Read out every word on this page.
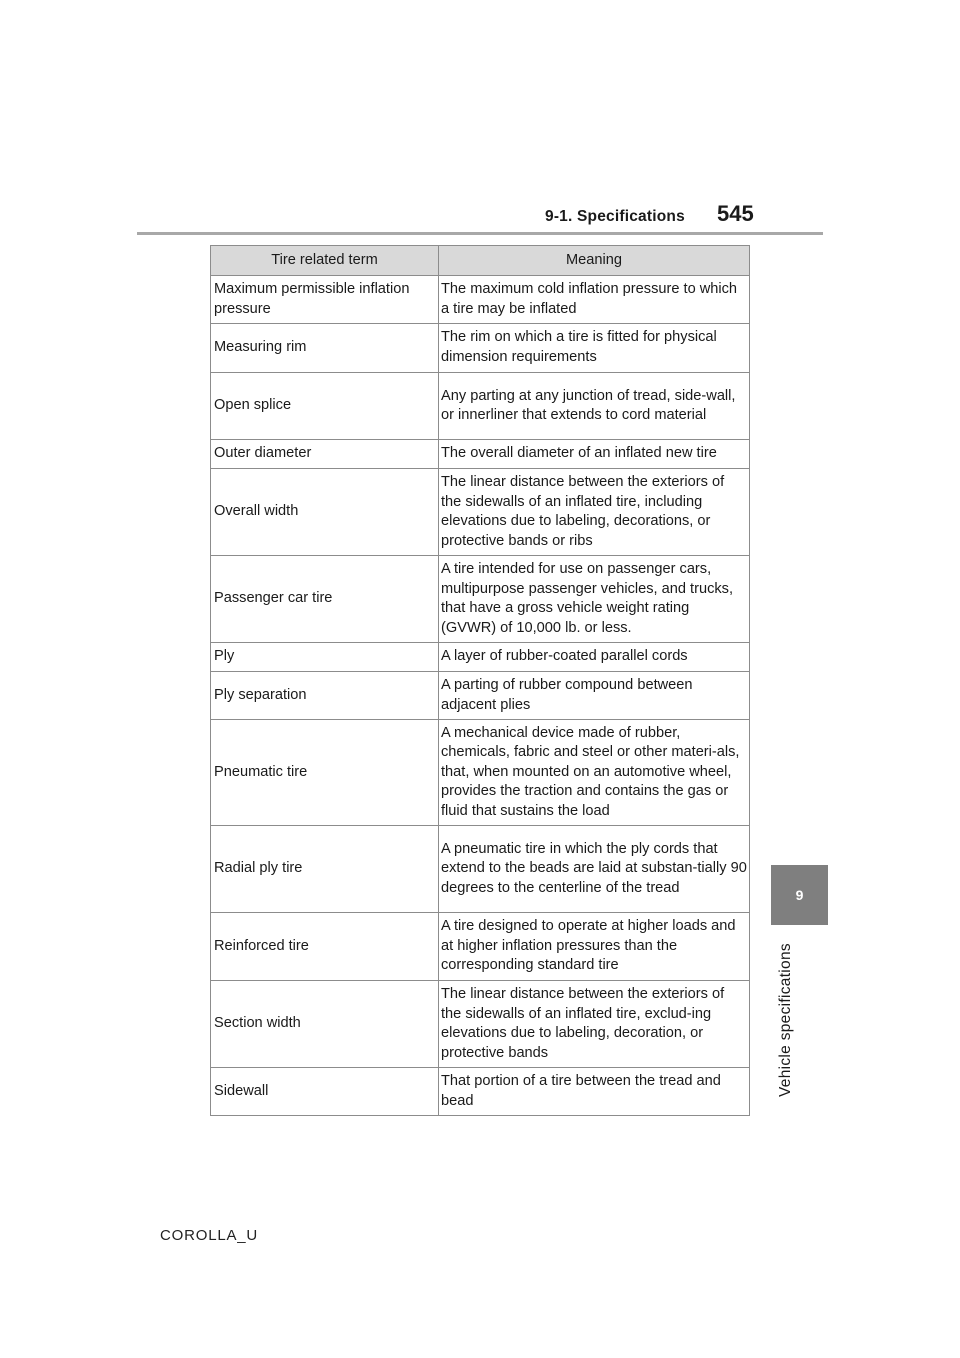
9-1. Specifications 545
Tire related term	Meaning
Maximum permissible inflation pressure	The maximum cold inflation pressure to which a tire may be inflated
Measuring rim	The rim on which a tire is fitted for physical dimension requirements
Open splice	Any parting at any junction of tread, side-wall, or innerliner that extends to cord material
Outer diameter	The overall diameter of an inflated new tire
Overall width	The linear distance between the exteriors of the sidewalls of an inflated tire, including elevations due to labeling, decorations, or protective bands or ribs
Passenger car tire	A tire intended for use on passenger cars, multipurpose passenger vehicles, and trucks, that have a gross vehicle weight rating (GVWR) of 10,000 lb. or less.
Ply	A layer of rubber-coated parallel cords
Ply separation	A parting of rubber compound between adjacent plies
Pneumatic tire	A mechanical device made of rubber, chemicals, fabric and steel or other materi-als, that, when mounted on an automotive wheel, provides the traction and contains the gas or fluid that sustains the load
Radial ply tire	A pneumatic tire in which the ply cords that extend to the beads are laid at substan-tially 90 degrees to the centerline of the tread
Reinforced tire	A tire designed to operate at higher loads and at higher inflation pressures than the corresponding standard tire
Section width	The linear distance between the exteriors of the sidewalls of an inflated tire, exclud-ing elevations due to labeling, decoration, or protective bands
Sidewall	That portion of a tire between the tread and bead
9
Vehicle specifications
COROLLA_U
